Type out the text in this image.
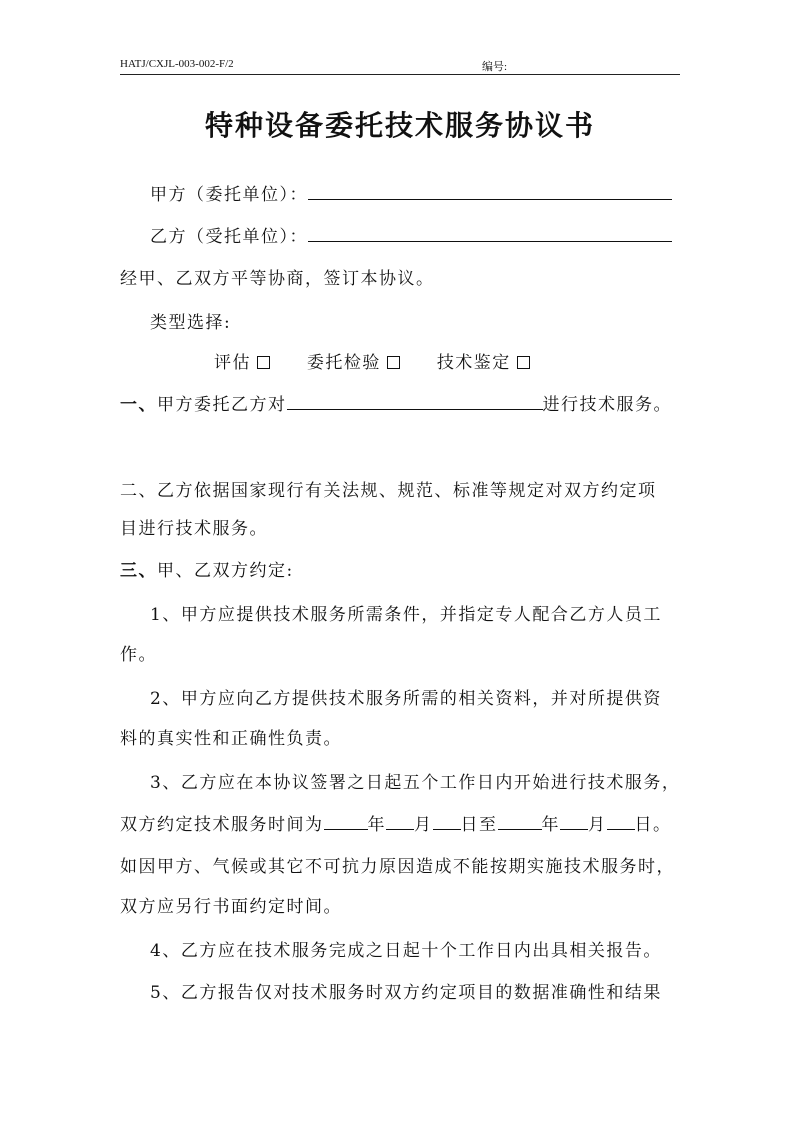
HATJ/CXJL-003-002-F/2	编号:
特种设备委托技术服务协议书
甲方（委托单位）：
乙方（受托单位）：
经甲、乙双方平等协商，签订本协议。
类型选择:
评估	委托检验	技术鉴定
一、甲方委托乙方对	进行技术服务。
二、乙方依据国家现行有关法规、规范、标准等规定对双方约定项
目进行技术服务。
三、甲、乙双方约定:
1、甲方应提供技术服务所需条件，并指定专人配合乙方人员工
作。
2、甲方应向乙方提供技术服务所需的相关资料，并对所提供资
料的真实性和正确性负责。
3、乙方应在本协议签署之日起五个工作日内开始进行技术服务，
双方约定技术服务时间为	年 月 日至	年 月 日。
如因甲方、气候或其它不可抗力原因造成不能按期实施技术服务时，
双方应另行书面约定时间。
4、乙方应在技术服务完成之日起十个工作日内出具相关报告。
5、乙方报告仅对技术服务时双方约定项目的数据准确性和结果
